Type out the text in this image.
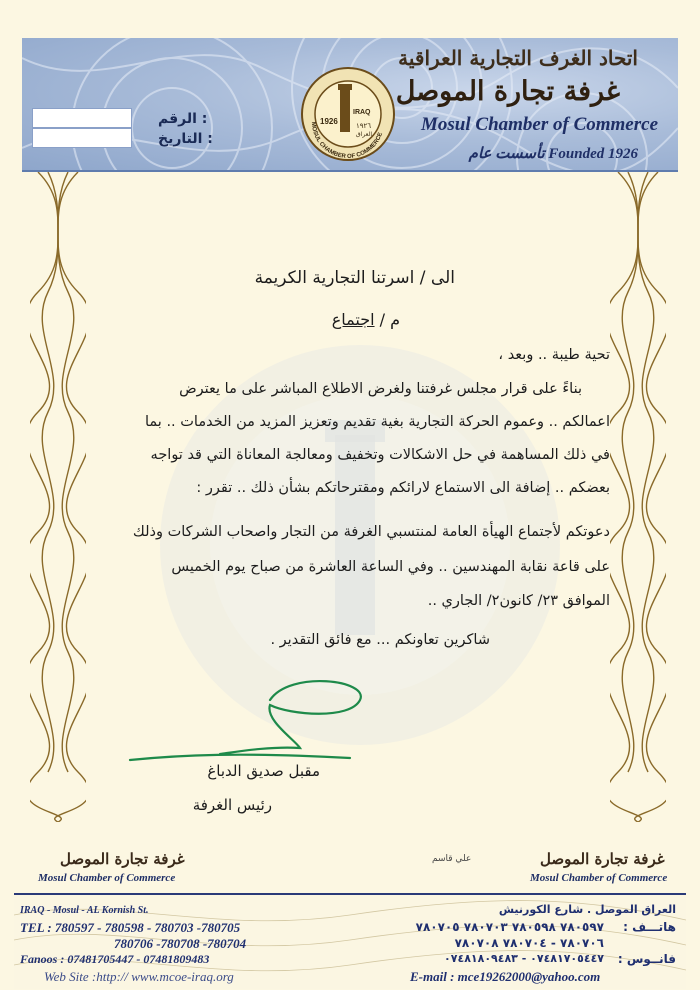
اتحاد الغرف التجارية العراقية
غرفة تجارة الموصل
Mosul Chamber of Commerce
Founded 1926 تأسست عام
الرقم :
التاريخ :
1926
IRAQ
١٩٢٦
العراق
MOSUL CHAMBER OF COMMERCE
الى / اسرتنا التجارية الكريمة
م / اجتماع
تحية طيبة .. وبعد ،
بناءً على قرار مجلس غرفتنا ولغرض الاطلاع المباشر على ما يعترض
اعمالكم .. وعموم الحركة التجارية بغية تقديم وتعزيز المزيد من الخدمات .. بما
في ذلك المساهمة في حل الاشكالات وتخفيف ومعالجة المعاناة التي قد تواجه
بعضكم .. إضافة الى الاستماع لارائكم ومقترحاتكم بشأن ذلك .. تقرر :
دعوتكم لأجتماع الهيأة العامة لمنتسبي الغرفة من التجار واصحاب الشركات وذلك
على قاعة نقابة المهندسين .. وفي الساعة العاشرة من صباح يوم الخميس
الموافق ٢٣/ كانون٢/ الجاري ..
شاكرين تعاونكم ... مع فائق التقدير .
مقبل صديق الدباغ
رئيس الغرفة
غرفة تجارة الموصل
Mosul Chamber of Commerce
علي قاسم	غرفة تجارة الموصل
Mosul Chamber of Commerce
IRAQ - Mosul - AL Kornish St.
TEL : 780597 - 780598 - 780703 -780705
780706 -780708 -780704
Fanoos : 07481705447 - 07481809483
Web Site :http:// www.mcoe-iraq.org
العراق الموصل . شارع الكورنيش
هاتـــف :
٧٨٠٥٩٧ ٧٨٠٥٩٨ ٧٨٠٧٠٣ ٧٨٠٧٠٥
٧٨٠٧٠٦ - ٧٨٠٧٠٤ ٧٨٠٧٠٨
فانــوس :
٠٧٤٨١٧٠٥٤٤٧ - ٠٧٤٨١٨٠٩٤٨٣
E-mail : mce19262000@yahoo.com
